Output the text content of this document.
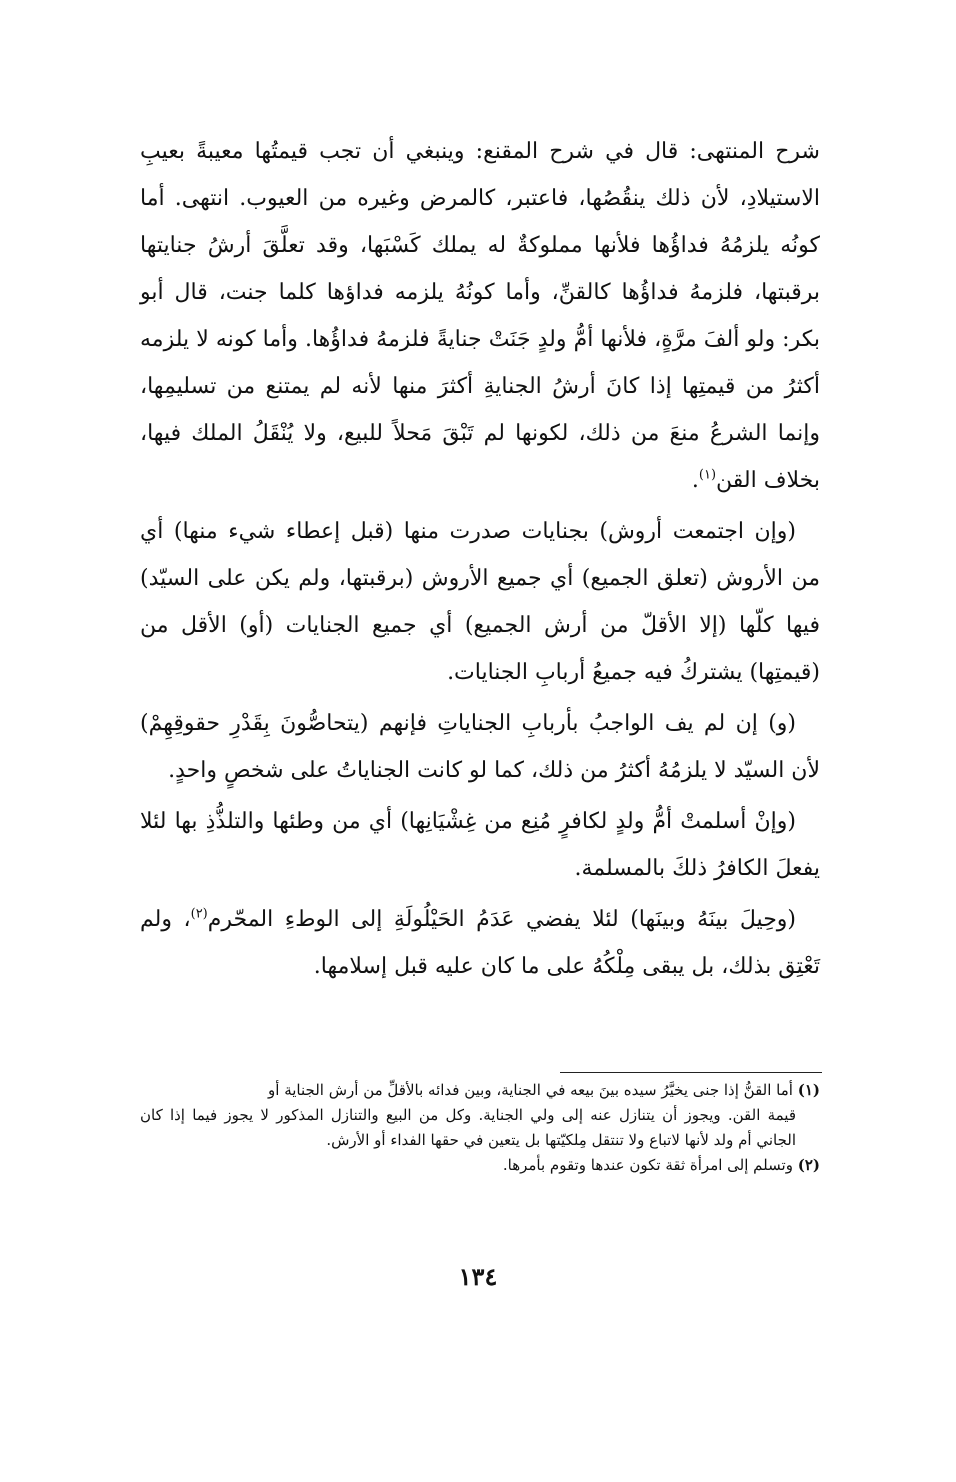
شرح المنتهى: قال في شرح المقنع: وينبغي أن تجب قيمتُها معيبةً بعيبِ الاستيلادِ، لأن ذلك ينقُصُها، فاعتبر، كالمرض وغيره من العيوب. انتهى. أما كونُه يلزمُهُ فداؤُها فلأنها مملوكةٌ له يملك كَسْبَها، وقد تعلَّقَ أرشُ جنايتها برقبتها، فلزمهُ فداؤُها كالقنِّ، وأما كونُهُ يلزمه فداؤها كلما جنت، قال أبو بكر: ولو ألفَ مرَّةٍ، فلأنها أمُّ ولدٍ جَنَتْ جنايةً فلزمهُ فداؤُها. وأما كونه لا يلزمه أكثرُ من قيمتِها إذا كانَ أرشُ الجنايةِ أكثرَ منها لأنه لم يمتنع من تسليمِها، وإنما الشرعُ منعَ من ذلك، لكونها لم تَبْقَ مَحلاً للبيع، ولا يُنْقَلُ الملك فيها، بخلاف القن$^{(١)}$.

(وإن اجتمعت أروش) بجنايات صدرت منها (قبل إعطاء شيء منها) أي من الأروش (تعلق الجميع) أي جميع الأروش (برقبتها، ولم يكن على السيّد) فيها كلّها (إلا الأقلّ من أرش الجميع) أي جميع الجنايات (أو) الأقل من (قيمتِها) يشتركُ فيه جميعُ أربابِ الجنايات.

(و) إن لم يف الواجبُ بأربابِ الجناياتِ فإنهم (يتحاصُّونَ بِقَدْرِ حقوقِهِمْ) لأن السيّد لا يلزمُهُ أكثرُ من ذلك، كما لو كانت الجناياتُ على شخصٍ واحدٍ.

(وإنْ أسلمتْ أمُّ ولدٍ لكافرٍ مُنِع من غِشْيَانِها) أي من وطئها والتلذُّذِ بها لئلا يفعلَ الكافرُ ذلكَ بالمسلمة.

(وحِيلَ بينَهُ وبينَها) لئلا يفضي عَدَمُ الحَيْلُولَةِ إلى الوطءِ المحّرم$^{(٢)}$، ولم تَعْتِق بذلك، بل يبقى مِلْكُهُ على ما كان عليه قبل إسلامها.

(١) أما القنُّ إذا جنى يخيَّرُ سيده بينَ بيعه في الجناية، وبين فدائه بالأقلِّ من أرش الجناية أو

قيمة القن. ويجوز أن يتنازل عنه إلى ولي الجناية. وكل من البيع والتنازل المذكور لا يجوز فيما إذا كان الجاني أم ولد لأنها لاتباع ولا تنتقل مِلكيّتها بل يتعين في حقها الفداء أو الأرش.

(٢) وتسلم إلى امرأة ثقة تكون عندها وتقوم بأمرها.

١٣٤
